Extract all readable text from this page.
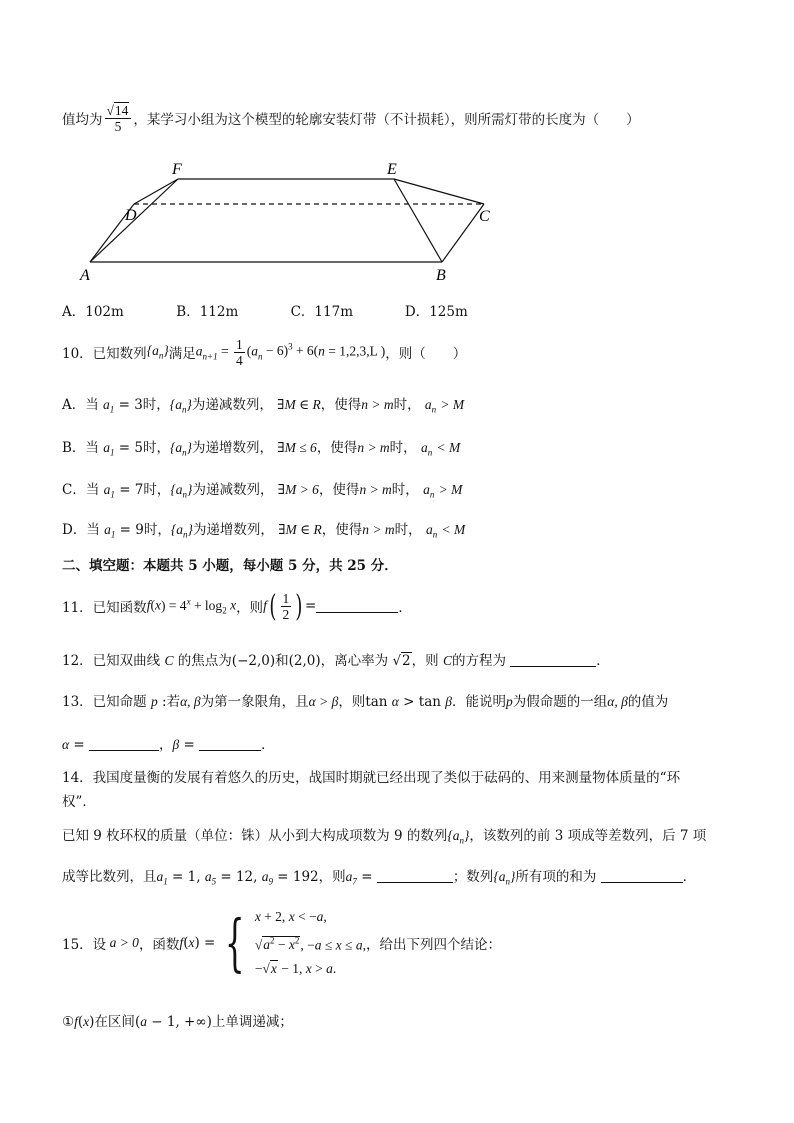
值均为 $\frac{√14}{5}$ ，某学习小组为这个模型的轮廓安装灯带（不计损耗），则所需灯带的长度为（　　）
A	B
C
D
E
F
A．102m	B．112m	C．117m	D．125m
10．已知数列 $\{a_n\}$ 满足 $a_{n+1} = \frac{1}{4} (a_n - 6)^3 + 6(n = 1,2,3,L$ ) ，则（　　）
A．当 $a_1 = 3$时，$\{a_n\}$为递减数列， ∃M ∈ R，使得n > m时， $a_n > M$
B．当 $a_1 = 5$时，$\{a_n\}$为递增数列， ∃M ≤ 6，使得n > m时， $a_n < M$
C．当 $a_1 = 7$时，$\{a_n\}$为递减数列， ∃M > 6，使得n > m时， $a_n > M$
D．当 $a_1 = 9$时，$\{a_n\}$为递增数列， ∃M ∈ R，使得n > m时， $a_n < M$
二、填空题：本题共 5 小题，每小题 5 分，共 25 分．
11．已知函数 $f(x) = 4^x + \log_2 x$ ，则 f ( $\frac{1}{2}$ ) =	．
12．已知双曲线 C 的焦点为(−2,0)和(2,0)，离心率为 √2，则 C的方程为	．
13．已知命题 p :若α, β为第一象限角，且α > β，则tan α > tan β．能说明p为假命题的一组α, β的值为
α =	，β =	．
14．我国度量衡的发展有着悠久的历史，战国时期就已经出现了类似于砝码的、用来测量物体质量的“环
权”．
已知 9 枚环权的质量（单位：铢）从小到大构成项数为 9 的数列$\{a_n\}$，该数列的前 3 项成等差数列，后 7 项
成等比数列，且$a_1 = 1$, $a_5 = 12$, $a_9 = 192$，则$a_7$ =	；数列$\{a_n\}$所有项的和为	．
15．设 a > 0 ，函数 f ( x ) = { x + 2, x < −a,
$√a^2 - x^2$, −a ≤ x ≤ a,
−√x − 1, x > a.
，给出下列四个结论：
①f(x)在区间(a − 1, +∞)上单调递减；
